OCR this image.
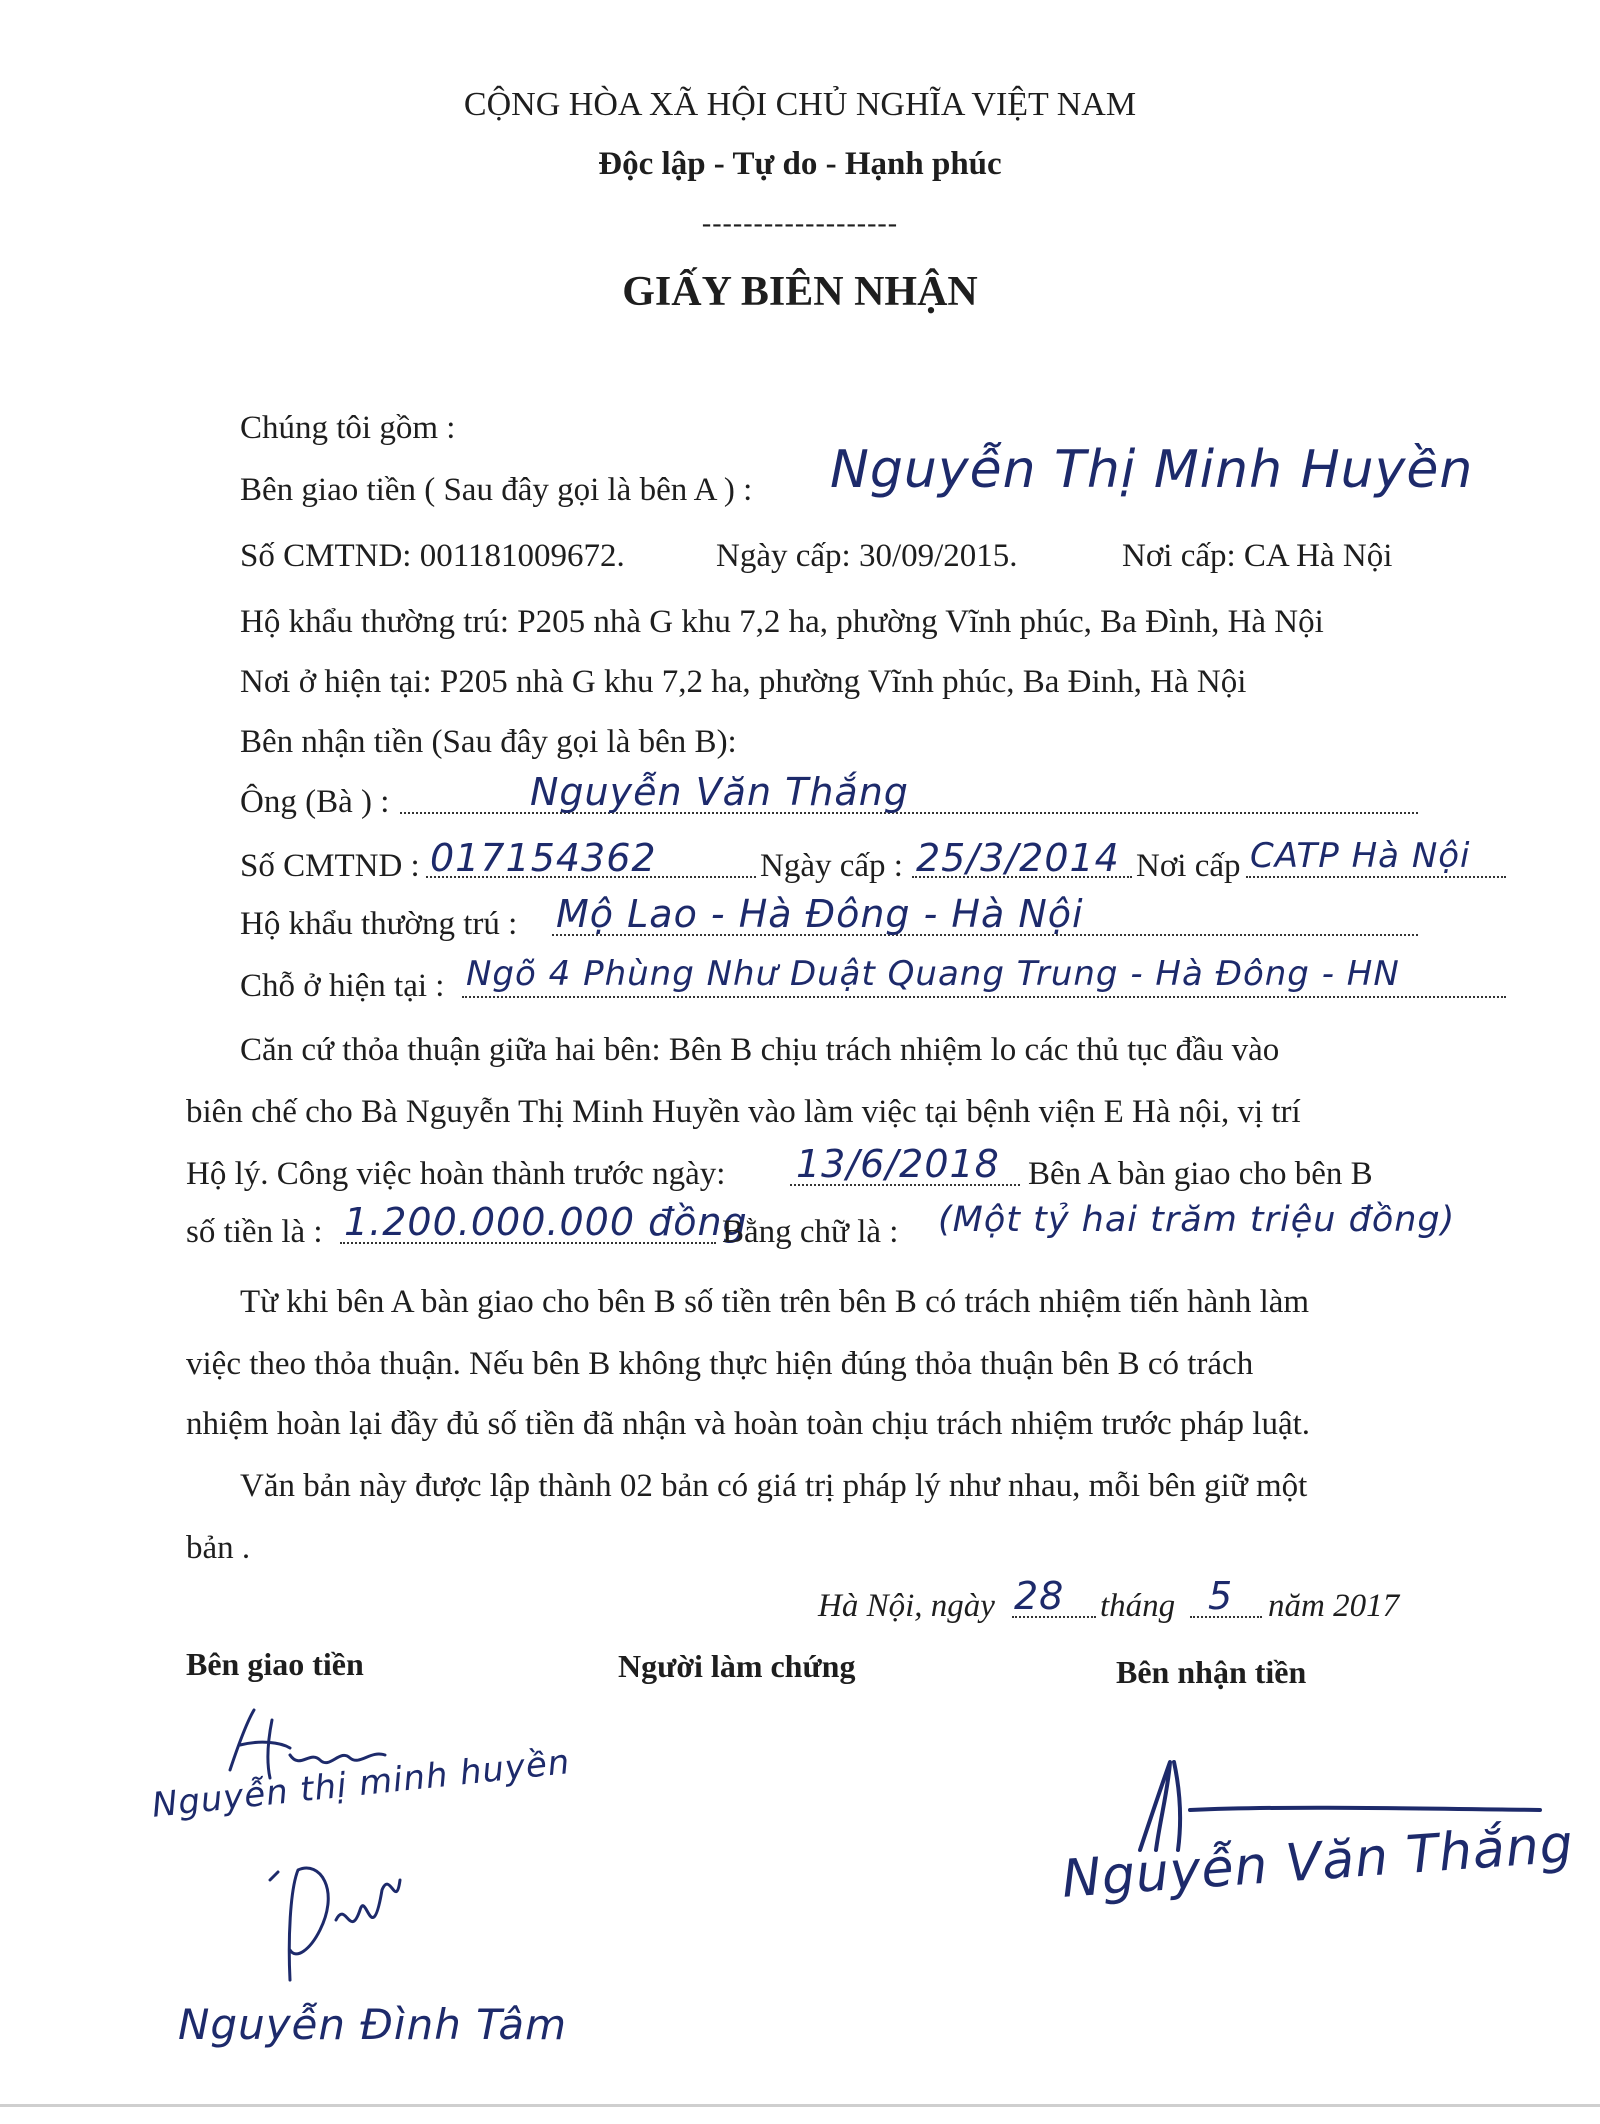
CỘNG HÒA XÃ HỘI CHỦ NGHĨA VIỆT NAM
Độc lập - Tự do - Hạnh phúc
-------------------
GIẤY BIÊN NHẬN
Chúng tôi gồm :
Bên giao tiền ( Sau đây gọi là bên A ) : Nguyễn Thị Minh Huyền
Số CMTND: 001181009672.	Ngày cấp: 30/09/2015.	Nơi cấp: CA Hà Nội
Hộ khẩu thường trú: P205 nhà G khu 7,2 ha, phường Vĩnh phúc, Ba Đình, Hà Nội
Nơi ở hiện tại: P205 nhà G khu 7,2 ha, phường Vĩnh phúc, Ba Đinh, Hà Nội
Bên nhận tiền (Sau đây gọi là bên B):
Ông (Bà ) :	Nguyễn Văn Thắng
Số CMTND : 017154362	Ngày cấp : 25/3/2014 Nơi cấp CATP Hà Nội
Hộ khẩu thường trú : Mộ Lao - Hà Đông - Hà Nội
Chỗ ở hiện tại : Ngõ 4 Phùng Như Duật Quang Trung - Hà Đông - HN
Căn cứ thỏa thuận giữa hai bên: Bên B chịu trách nhiệm lo các thủ tục đầu vào
biên chế cho Bà Nguyễn Thị Minh Huyền vào làm việc tại bệnh viện E Hà nội, vị trí
Hộ lý. Công việc hoàn thành trước ngày: 13/6/2018 Bên A bàn giao cho bên B
số tiền là : 1.200.000.000 đồng
Bằng chữ là : (Một tỷ hai trăm triệu đồng)
Từ khi bên A bàn giao cho bên B số tiền trên bên B có trách nhiệm tiến hành làm
việc theo thỏa thuận. Nếu bên B không thực hiện đúng thỏa thuận bên B có trách
nhiệm hoàn lại đầy đủ số tiền đã nhận và hoàn toàn chịu trách nhiệm trước pháp luật.
Văn bản này được lập thành 02 bản có giá trị pháp lý như nhau, mỗi bên giữ một
bản .
Hà Nội, ngày 28 tháng 5 năm 2017
Bên giao tiền	Người làm chứng	Bên nhận tiền
Nguyễn thị minh huyền
Nguyễn Đình Tâm
Nguyễn Văn Thắng
